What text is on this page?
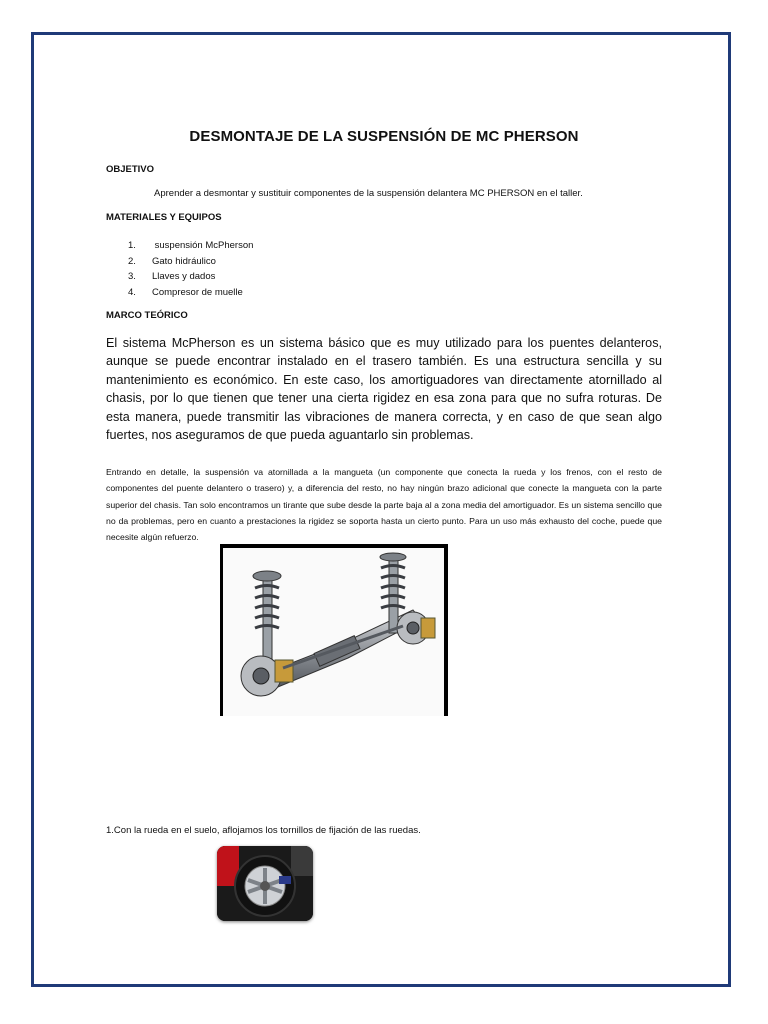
DESMONTAJE DE LA SUSPENSIÓN DE MC PHERSON
OBJETIVO
Aprender a desmontar y sustituir componentes de la suspensión delantera MC PHERSON en el taller.
MATERIALES Y EQUIPOS
1. suspensión McPherson
2. Gato hidráulico
3. Llaves y dados
4. Compresor de muelle
MARCO TEÓRICO
El sistema McPherson es un sistema básico que es muy utilizado para los puentes delanteros, aunque se puede encontrar instalado en el trasero también. Es una estructura sencilla y su mantenimiento es económico. En este caso, los amortiguadores van directamente atornillado al chasis, por lo que tienen que tener una cierta rigidez en esa zona para que no sufra roturas. De esta manera, puede transmitir las vibraciones de manera correcta, y en caso de que sean algo fuertes, nos aseguramos de que pueda aguantarlo sin problemas.
Entrando en detalle, la suspensión va atornillada a la mangueta (un componente que conecta la rueda y los frenos, con el resto de componentes del puente delantero o trasero) y, a diferencia del resto, no hay ningún brazo adicional que conecte la mangueta con la parte superior del chasis. Tan solo encontramos un tirante que sube desde la parte baja al a zona media del amortiguador. Es un sistema sencillo que no da problemas, pero en cuanto a prestaciones la rigidez se soporta hasta un cierto punto. Para un uso más exhausto del coche, puede que necesite algún refuerzo.
1.Con la rueda en el suelo, aflojamos los tornillos de fijación de las ruedas.
